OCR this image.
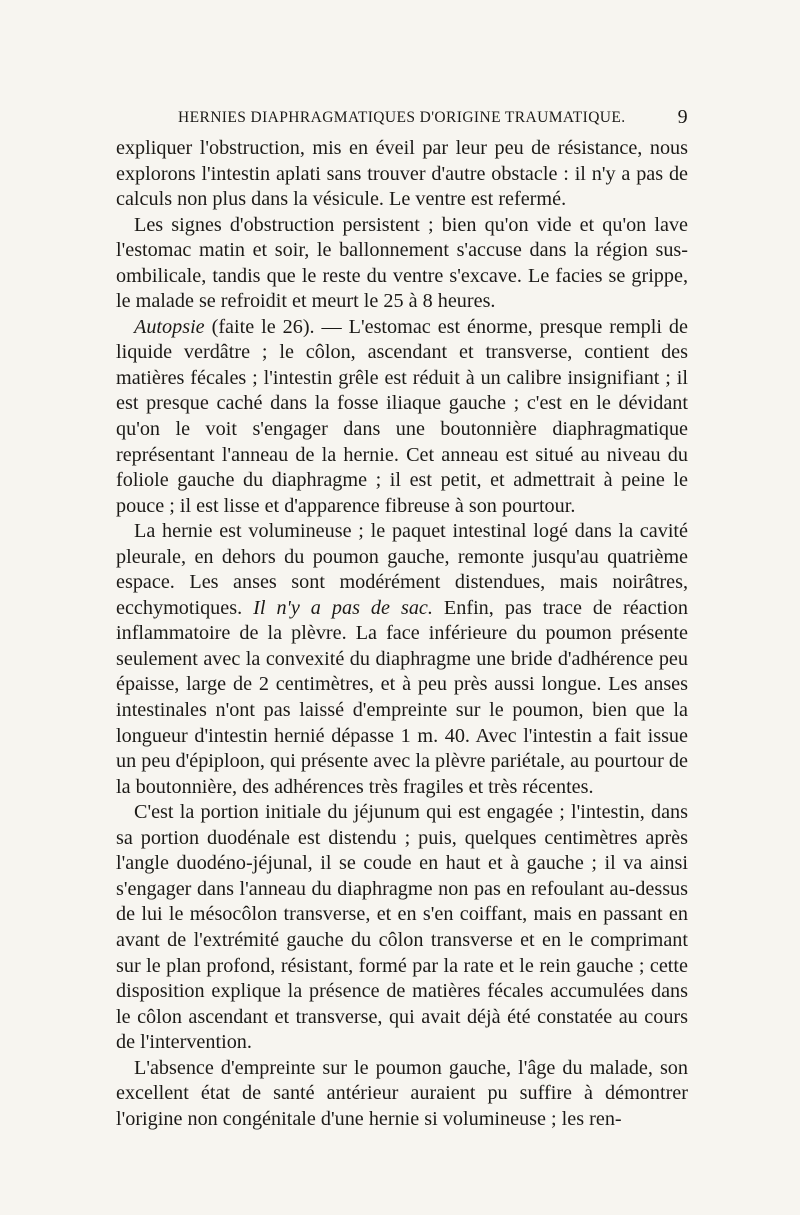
HERNIES DIAPHRAGMATIQUES D'ORIGINE TRAUMATIQUE.	9

expliquer l'obstruction, mis en éveil par leur peu de résistance, nous explorons l'intestin aplati sans trouver d'autre obstacle : il n'y a pas de calculs non plus dans la vésicule. Le ventre est refermé.

Les signes d'obstruction persistent ; bien qu'on vide et qu'on lave l'estomac matin et soir, le ballonnement s'accuse dans la région sus-ombilicale, tandis que le reste du ventre s'excave. Le facies se grippe, le malade se refroidit et meurt le 25 à 8 heures.

Autopsie (faite le 26). — L'estomac est énorme, presque rempli de liquide verdâtre ; le côlon, ascendant et transverse, contient des matières fécales ; l'intestin grêle est réduit à un calibre insignifiant ; il est presque caché dans la fosse iliaque gauche ; c'est en le dévidant qu'on le voit s'engager dans une boutonnière diaphragmatique représentant l'anneau de la hernie. Cet anneau est situé au niveau du foliole gauche du diaphragme ; il est petit, et admettrait à peine le pouce ; il est lisse et d'apparence fibreuse à son pourtour.

La hernie est volumineuse ; le paquet intestinal logé dans la cavité pleurale, en dehors du poumon gauche, remonte jusqu'au quatrième espace. Les anses sont modérément distendues, mais noirâtres, ecchymotiques. Il n'y a pas de sac. Enfin, pas trace de réaction inflammatoire de la plèvre. La face inférieure du poumon présente seulement avec la convexité du diaphragme une bride d'adhérence peu épaisse, large de 2 centimètres, et à peu près aussi longue. Les anses intestinales n'ont pas laissé d'empreinte sur le poumon, bien que la longueur d'intestin hernié dépasse 1 m. 40. Avec l'intestin a fait issue un peu d'épiploon, qui présente avec la plèvre pariétale, au pourtour de la boutonnière, des adhérences très fragiles et très récentes.

C'est la portion initiale du jéjunum qui est engagée ; l'intestin, dans sa portion duodénale est distendu ; puis, quelques centimètres après l'angle duodéno-jéjunal, il se coude en haut et à gauche ; il va ainsi s'engager dans l'anneau du diaphragme non pas en refoulant au-dessus de lui le mésocôlon transverse, et en s'en coiffant, mais en passant en avant de l'extrémité gauche du côlon transverse et en le comprimant sur le plan profond, résistant, formé par la rate et le rein gauche ; cette disposition explique la présence de matières fécales accumulées dans le côlon ascendant et transverse, qui avait déjà été constatée au cours de l'intervention.

L'absence d'empreinte sur le poumon gauche, l'âge du malade, son excellent état de santé antérieur auraient pu suffire à démontrer l'origine non congénitale d'une hernie si volumineuse ; les ren-
